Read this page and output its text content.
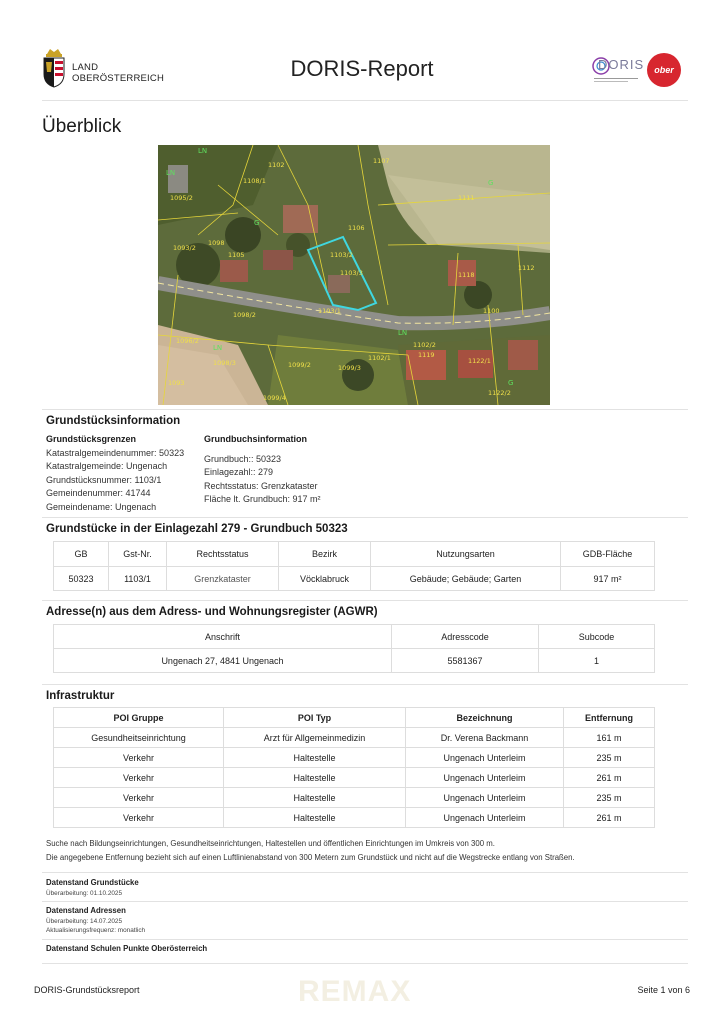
LAND
OBERÖSTERREICH	DORIS-Report	DORIS ober
Überblick
1102	1107
1103/3
1103/2
1111
1106
1108/1
1095/2
1099/3
1099/2
1102/1
1093/2
1098/2
1098/3
1103/1	1100
1098
1096/2
1099/4
1093
1105
1112
1118
1119
1122/1
1122/2
1102/2
LN
LN
LN
LN
G
G
G
Grundstücksinformation
Grundstücksgrenzen
Katastralgemeindenummer: 50323
Katastralgemeinde: Ungenach
Grundstücksnummer: 1103/1
Gemeindenummer: 41744
Gemeindename: Ungenach
Grundbuchsinformation
Grundbuch:: 50323
Einlagezahl:: 279
Rechtsstatus: Grenzkataster
Fläche lt. Grundbuch: 917 m²
Grundstücke in der Einlagezahl 279 - Grundbuch 50323
GB	Gst-Nr.	Rechtsstatus	Bezirk	Nutzungsarten	GDB-Fläche
50323	1103/1	Grenzkataster	Vöcklabruck	Gebäude; Gebäude; Garten	917 m²
Adresse(n) aus dem Adress- und Wohnungsregister (AGWR)
Anschrift	Adresscode	Subcode
Ungenach 27, 4841 Ungenach	5581367	1
Infrastruktur
POI Gruppe	POI Typ	Bezeichnung	Entfernung
Gesundheitseinrichtung	Arzt für Allgemeinmedizin	Dr. Verena Backmann	161 m
Verkehr	Haltestelle	Ungenach Unterleim	235 m
Verkehr	Haltestelle	Ungenach Unterleim	261 m
Verkehr	Haltestelle	Ungenach Unterleim	235 m
Verkehr	Haltestelle	Ungenach Unterleim	261 m
Suche nach Bildungseinrichtungen, Gesundheitseinrichtungen, Haltestellen und öffentlichen Einrichtungen im Umkreis von 300 m.
Die angegebene Entfernung bezieht sich auf einen Luftlinienabstand von 300 Metern zum Grundstück und nicht auf die Wegstrecke entlang von Straßen.
Datenstand Grundstücke
Überarbeitung: 01.10.2025
Datenstand Adressen
Überarbeitung: 14.07.2025
Aktualisierungsfrequenz: monatlich
Datenstand Schulen Punkte Oberösterreich
REMAX
DORIS-Grundstücksreport	Seite 1 von 6
